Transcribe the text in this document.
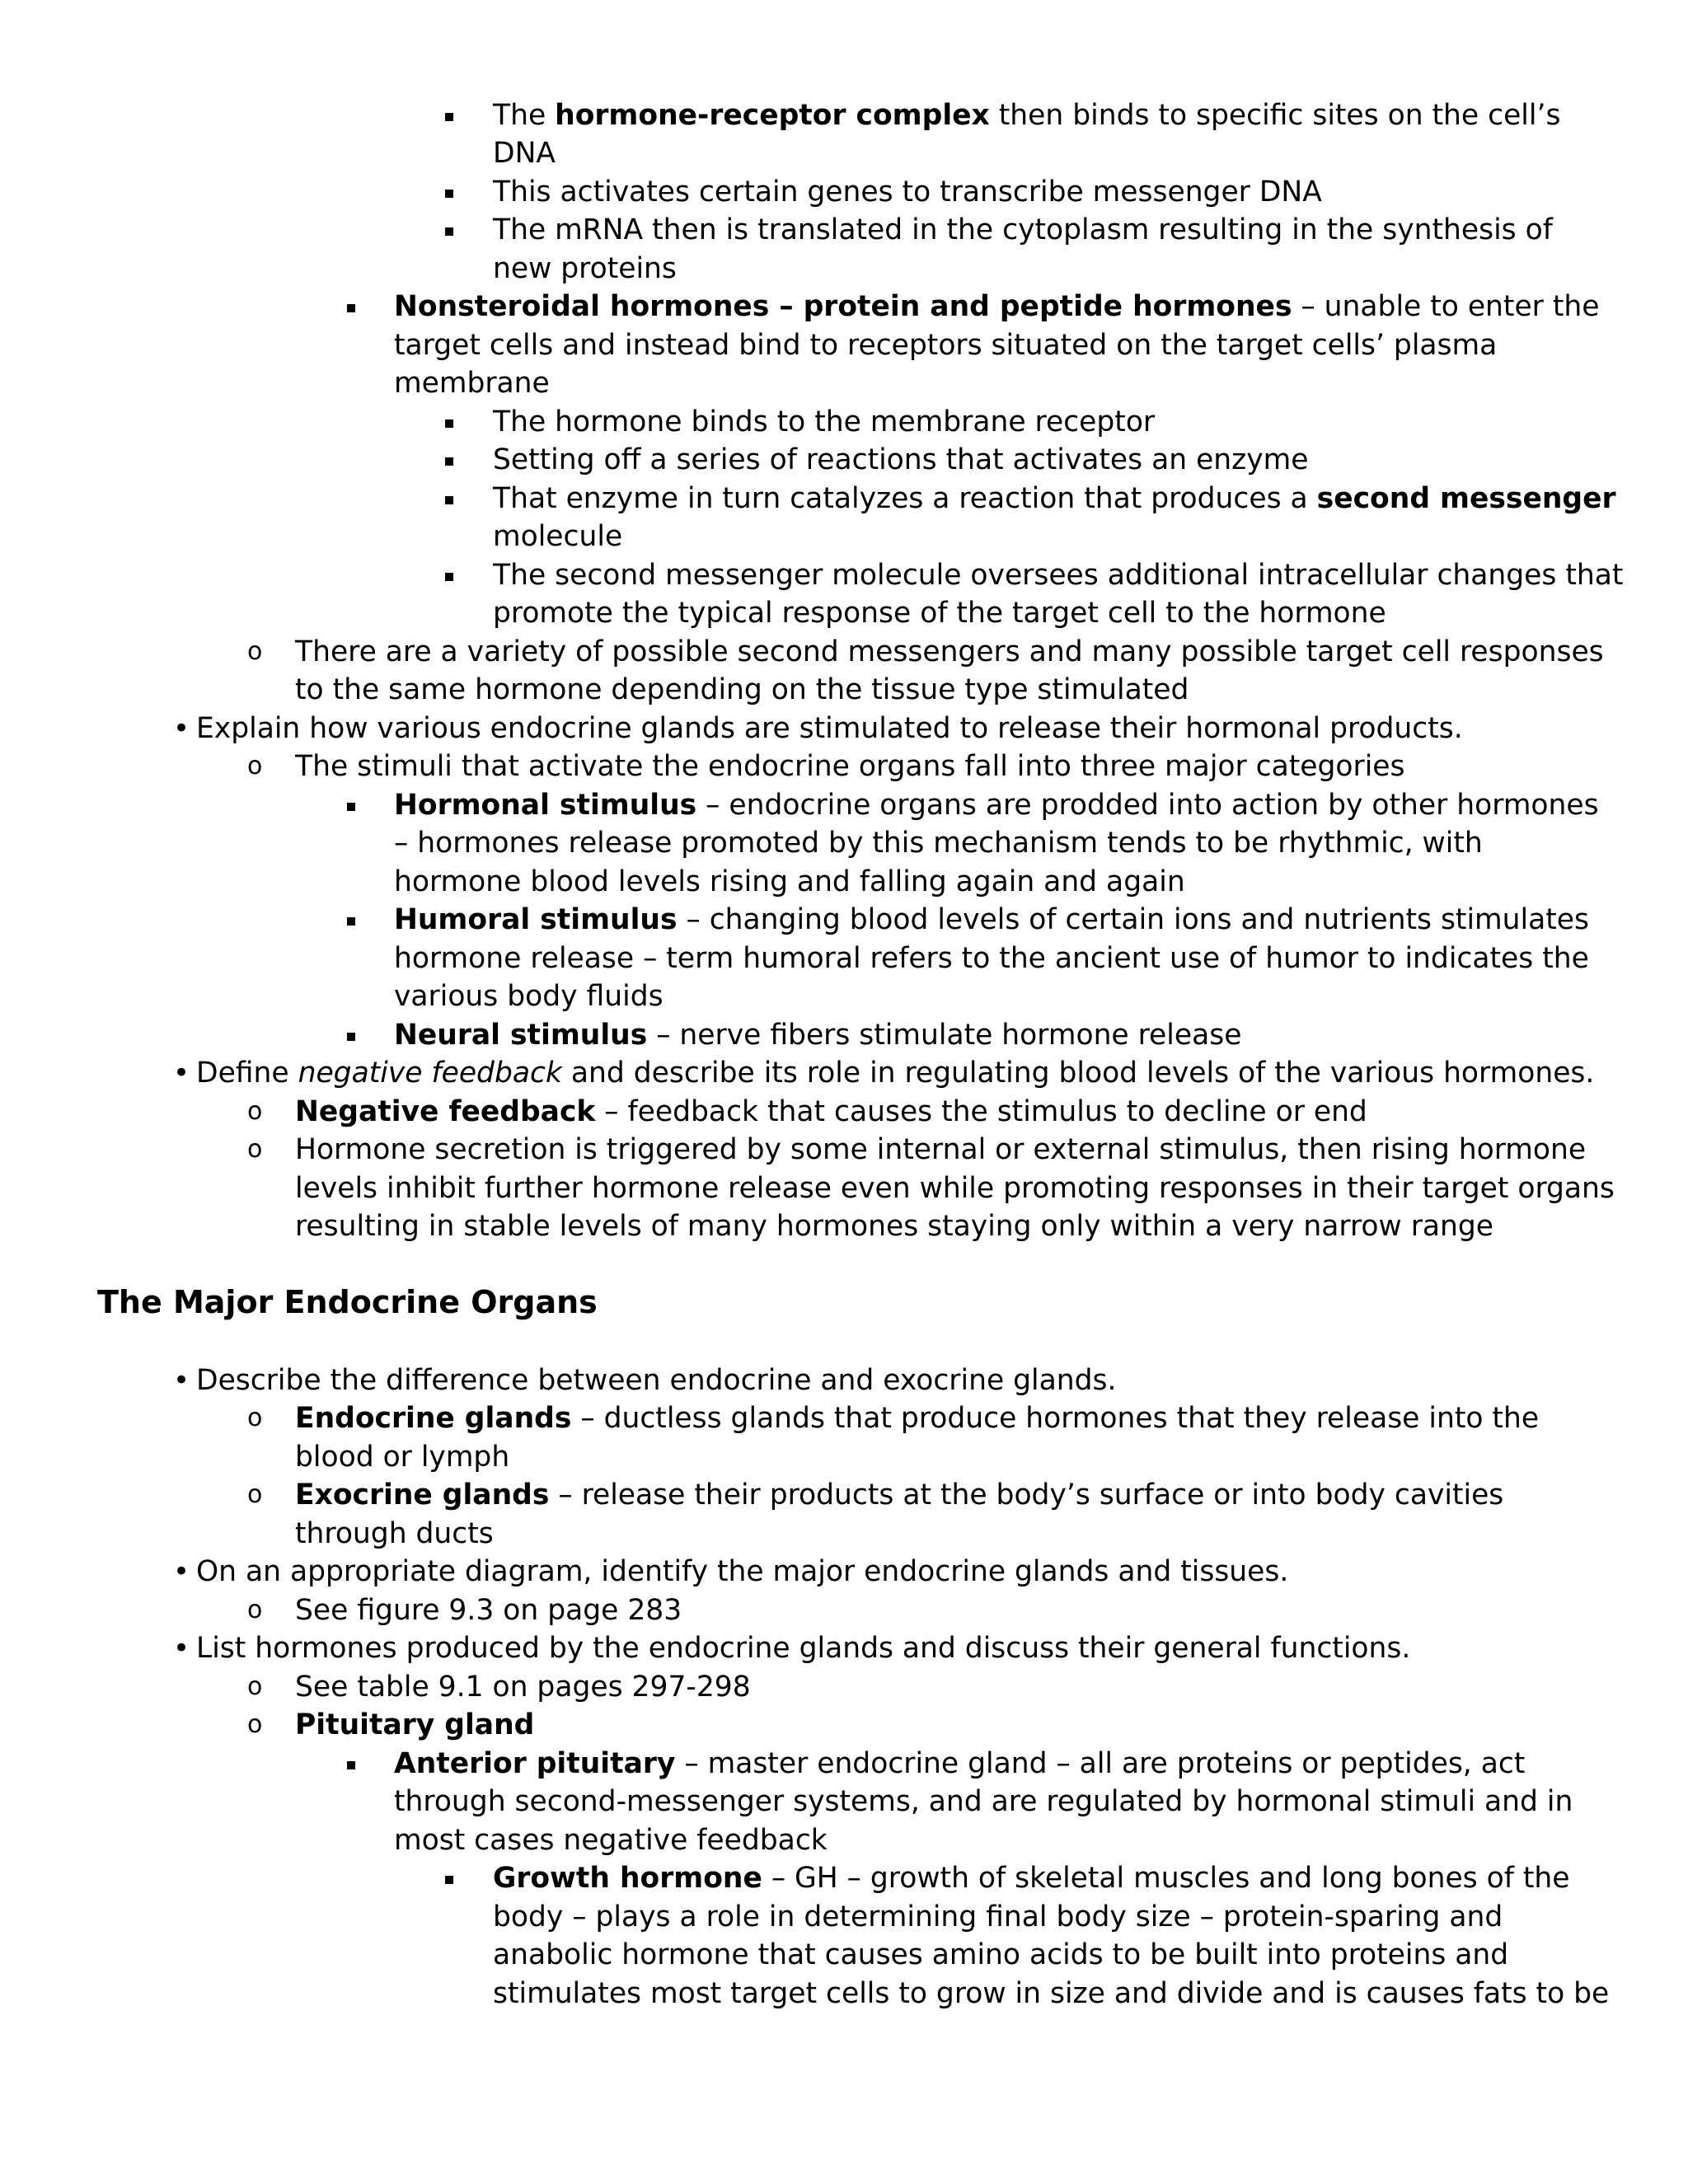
The hormone-receptor complex then binds to specific sites on the cell’s
DNA
This activates certain genes to transcribe messenger DNA
The mRNA then is translated in the cytoplasm resulting in the synthesis of
new proteins
Nonsteroidal hormones – protein and peptide hormones – unable to enter the
target cells and instead bind to receptors situated on the target cells’ plasma
membrane
The hormone binds to the membrane receptor
Setting off a series of reactions that activates an enzyme
That enzyme in turn catalyzes a reaction that produces a second messenger
molecule
The second messenger molecule oversees additional intracellular changes that
promote the typical response of the target cell to the hormone
o There are a variety of possible second messengers and many possible target cell responses
to the same hormone depending on the tissue type stimulated
• Explain how various endocrine glands are stimulated to release their hormonal products.
o The stimuli that activate the endocrine organs fall into three major categories
Hormonal stimulus – endocrine organs are prodded into action by other hormones
– hormones release promoted by this mechanism tends to be rhythmic, with
hormone blood levels rising and falling again and again
Humoral stimulus – changing blood levels of certain ions and nutrients stimulates
hormone release – term humoral refers to the ancient use of humor to indicates the
various body fluids
Neural stimulus – nerve fibers stimulate hormone release
• Define negative feedback and describe its role in regulating blood levels of the various hormones.
o Negative feedback – feedback that causes the stimulus to decline or end
o Hormone secretion is triggered by some internal or external stimulus, then rising hormone
levels inhibit further hormone release even while promoting responses in their target organs
resulting in stable levels of many hormones staying only within a very narrow range
The Major Endocrine Organs
• Describe the difference between endocrine and exocrine glands.
o Endocrine glands – ductless glands that produce hormones that they release into the
blood or lymph
o Exocrine glands – release their products at the body’s surface or into body cavities
through ducts
• On an appropriate diagram, identify the major endocrine glands and tissues.
o See figure 9.3 on page 283
• List hormones produced by the endocrine glands and discuss their general functions.
o See table 9.1 on pages 297-298
o Pituitary gland
Anterior pituitary – master endocrine gland – all are proteins or peptides, act
through second-messenger systems, and are regulated by hormonal stimuli and in
most cases negative feedback
Growth hormone – GH – growth of skeletal muscles and long bones of the
body – plays a role in determining final body size – protein-sparing and
anabolic hormone that causes amino acids to be built into proteins and
stimulates most target cells to grow in size and divide and is causes fats to be
